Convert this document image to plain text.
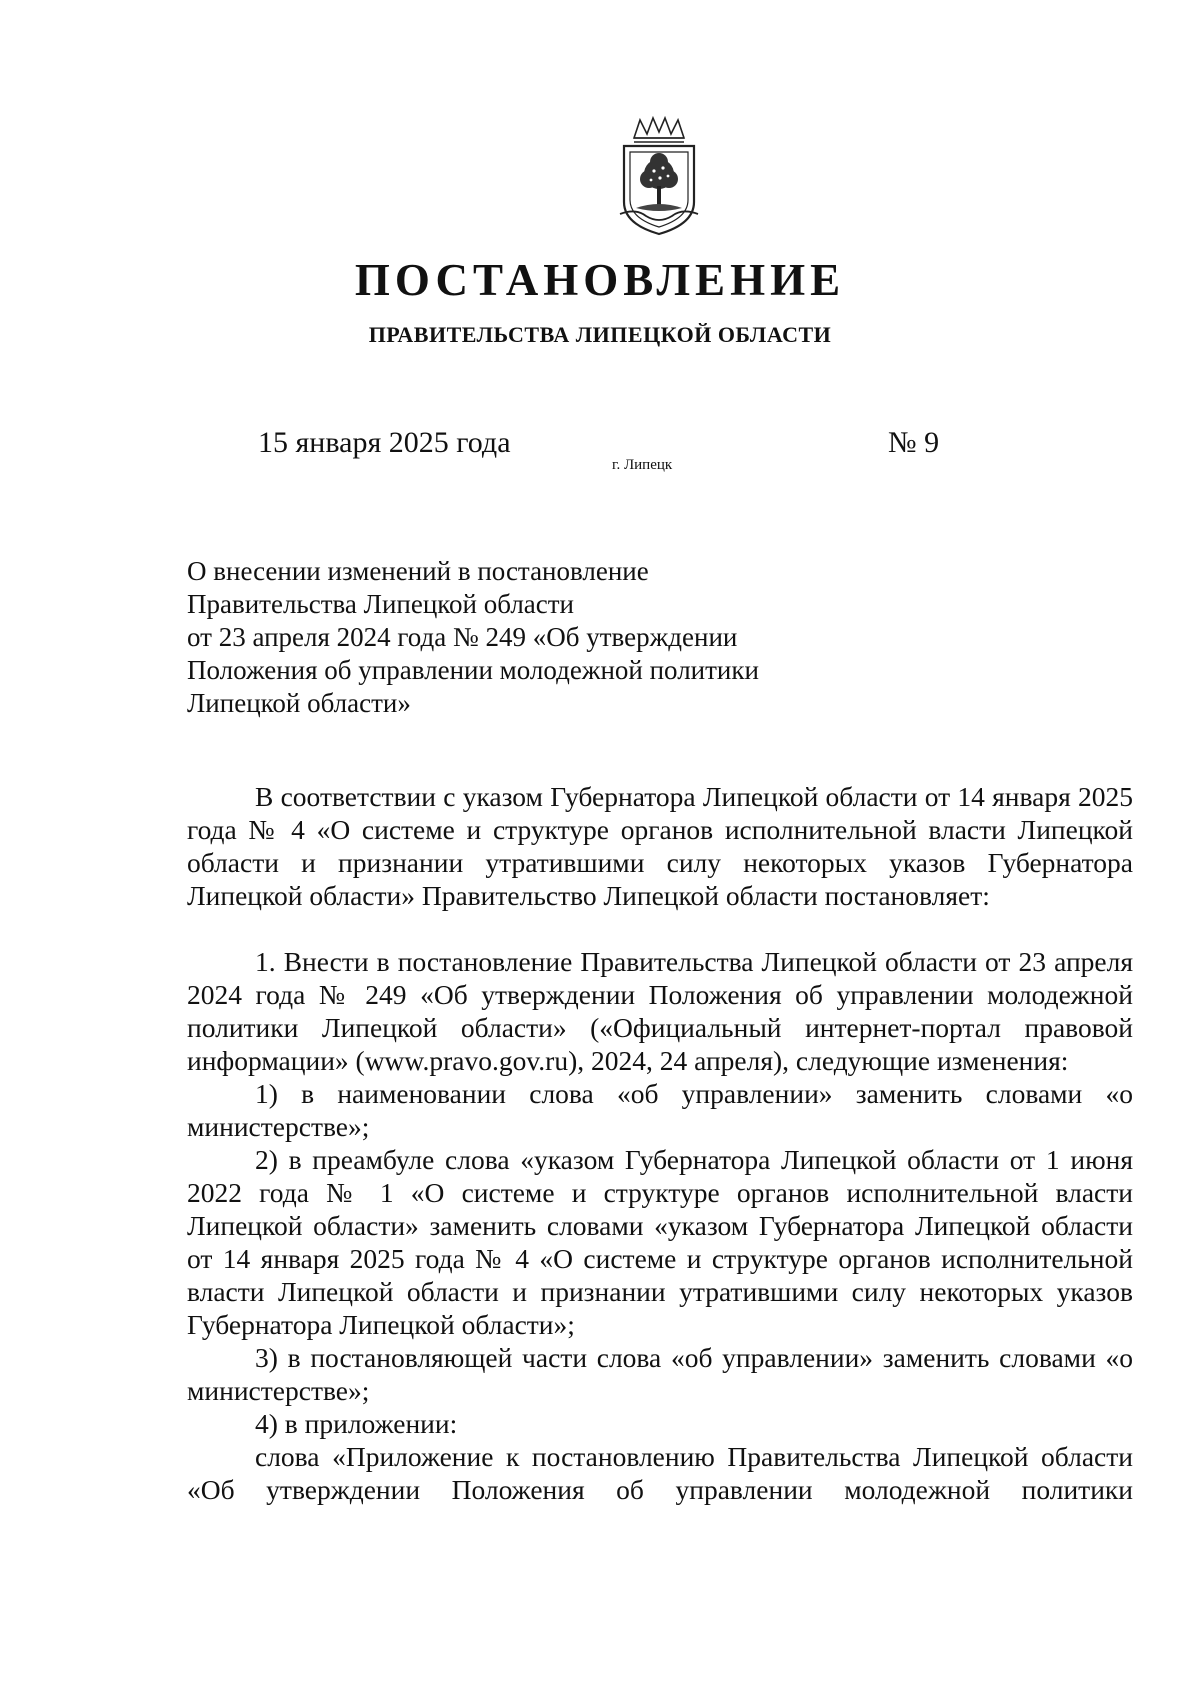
ПОСТАНОВЛЕНИЕ
ПРАВИТЕЛЬСТВА ЛИПЕЦКОЙ ОБЛАСТИ
15 января 2025 года
г. Липецк
№ 9
О внесении изменений в постановление
Правительства Липецкой области
от 23 апреля 2024 года № 249 «Об утверждении
Положения об управлении молодежной политики
Липецкой области»

В соответствии с указом Губернатора Липецкой области от 14 января 2025 года № 4 «О системе и структуре органов исполнительной власти Липецкой области и признании утратившими силу некоторых указов Губернатора Липецкой области» Правительство Липецкой области постановляет:

1. Внести в постановление Правительства Липецкой области от 23 апреля 2024 года № 249 «Об утверждении Положения об управлении молодежной политики Липецкой области» («Официальный интернет-портал правовой информации» (www.pravo.gov.ru), 2024, 24 апреля), следующие изменения:

1) в наименовании слова «об управлении» заменить словами «о министерстве»;

2) в преамбуле слова «указом Губернатора Липецкой области от 1 июня 2022 года № 1 «О системе и структуре органов исполнительной власти Липецкой области» заменить словами «указом Губернатора Липецкой области от 14 января 2025 года № 4 «О системе и структуре органов исполнительной власти Липецкой области и признании утратившими силу некоторых указов Губернатора Липецкой области»;

3) в постановляющей части слова «об управлении» заменить словами «о министерстве»;

4) в приложении:

слова «Приложение к постановлению Правительства Липецкой области «Об утверждении Положения об управлении молодежной политики
